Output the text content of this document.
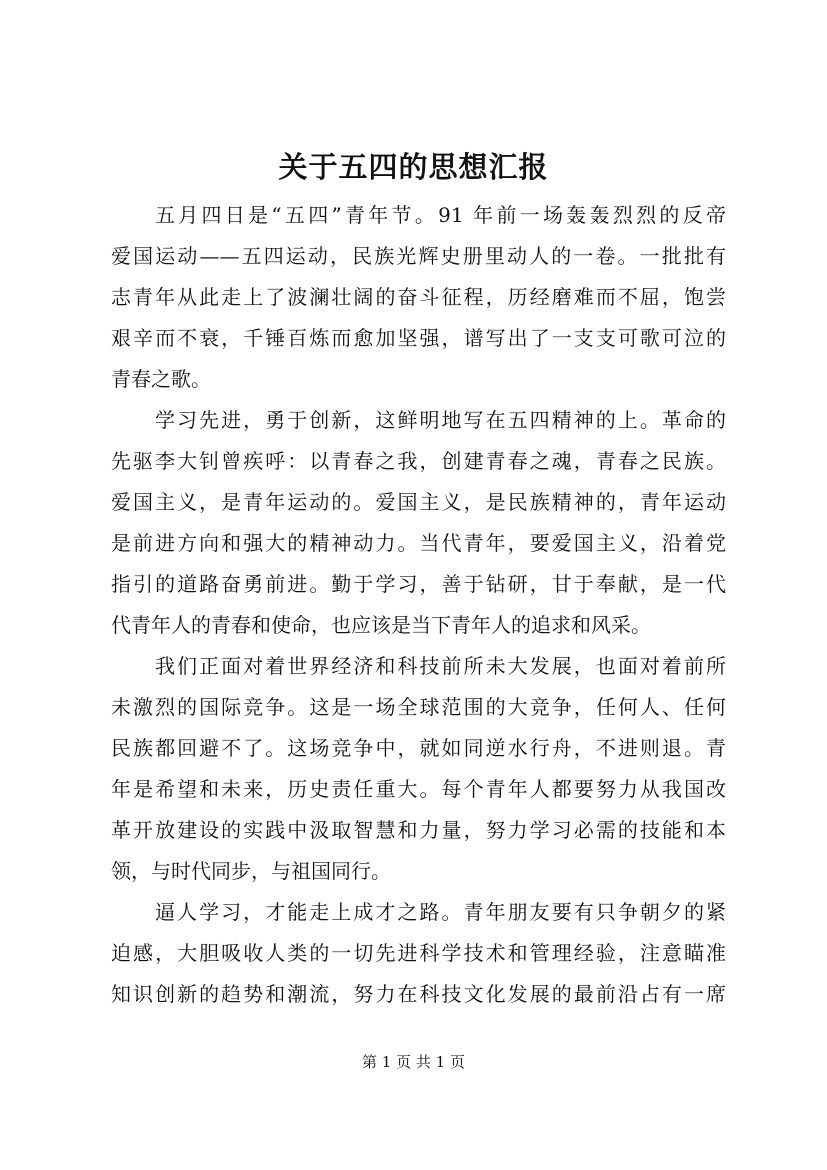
关于五四的思想汇报
五月四日是“五四”青年节。91 年前一场轰轰烈烈的反帝
爱国运动——五四运动，民族光辉史册里动人的一卷。一批批有
志青年从此走上了波澜壮阔的奋斗征程，历经磨难而不屈，饱尝
艰辛而不衰，千锤百炼而愈加坚强，谱写出了一支支可歌可泣的
青春之歌。
学习先进，勇于创新，这鲜明地写在五四精神的上。革命的
先驱李大钊曾疾呼：以青春之我，创建青春之魂，青春之民族。
爱国主义，是青年运动的。爱国主义，是民族精神的，青年运动
是前进方向和强大的精神动力。当代青年，要爱国主义，沿着党
指引的道路奋勇前进。勤于学习，善于钻研，甘于奉献，是一代
代青年人的青春和使命，也应该是当下青年人的追求和风采。
我们正面对着世界经济和科技前所未大发展，也面对着前所
未激烈的国际竞争。这是一场全球范围的大竞争，任何人、任何
民族都回避不了。这场竞争中，就如同逆水行舟，不进则退。青
年是希望和未来，历史责任重大。每个青年人都要努力从我国改
革开放建设的实践中汲取智慧和力量，努力学习必需的技能和本
领，与时代同步，与祖国同行。
逼人学习，才能走上成才之路。青年朋友要有只争朝夕的紧
迫感，大胆吸收人类的一切先进科学技术和管理经验，注意瞄准
知识创新的趋势和潮流，努力在科技文化发展的最前沿占有一席
第 1 页 共 1 页
